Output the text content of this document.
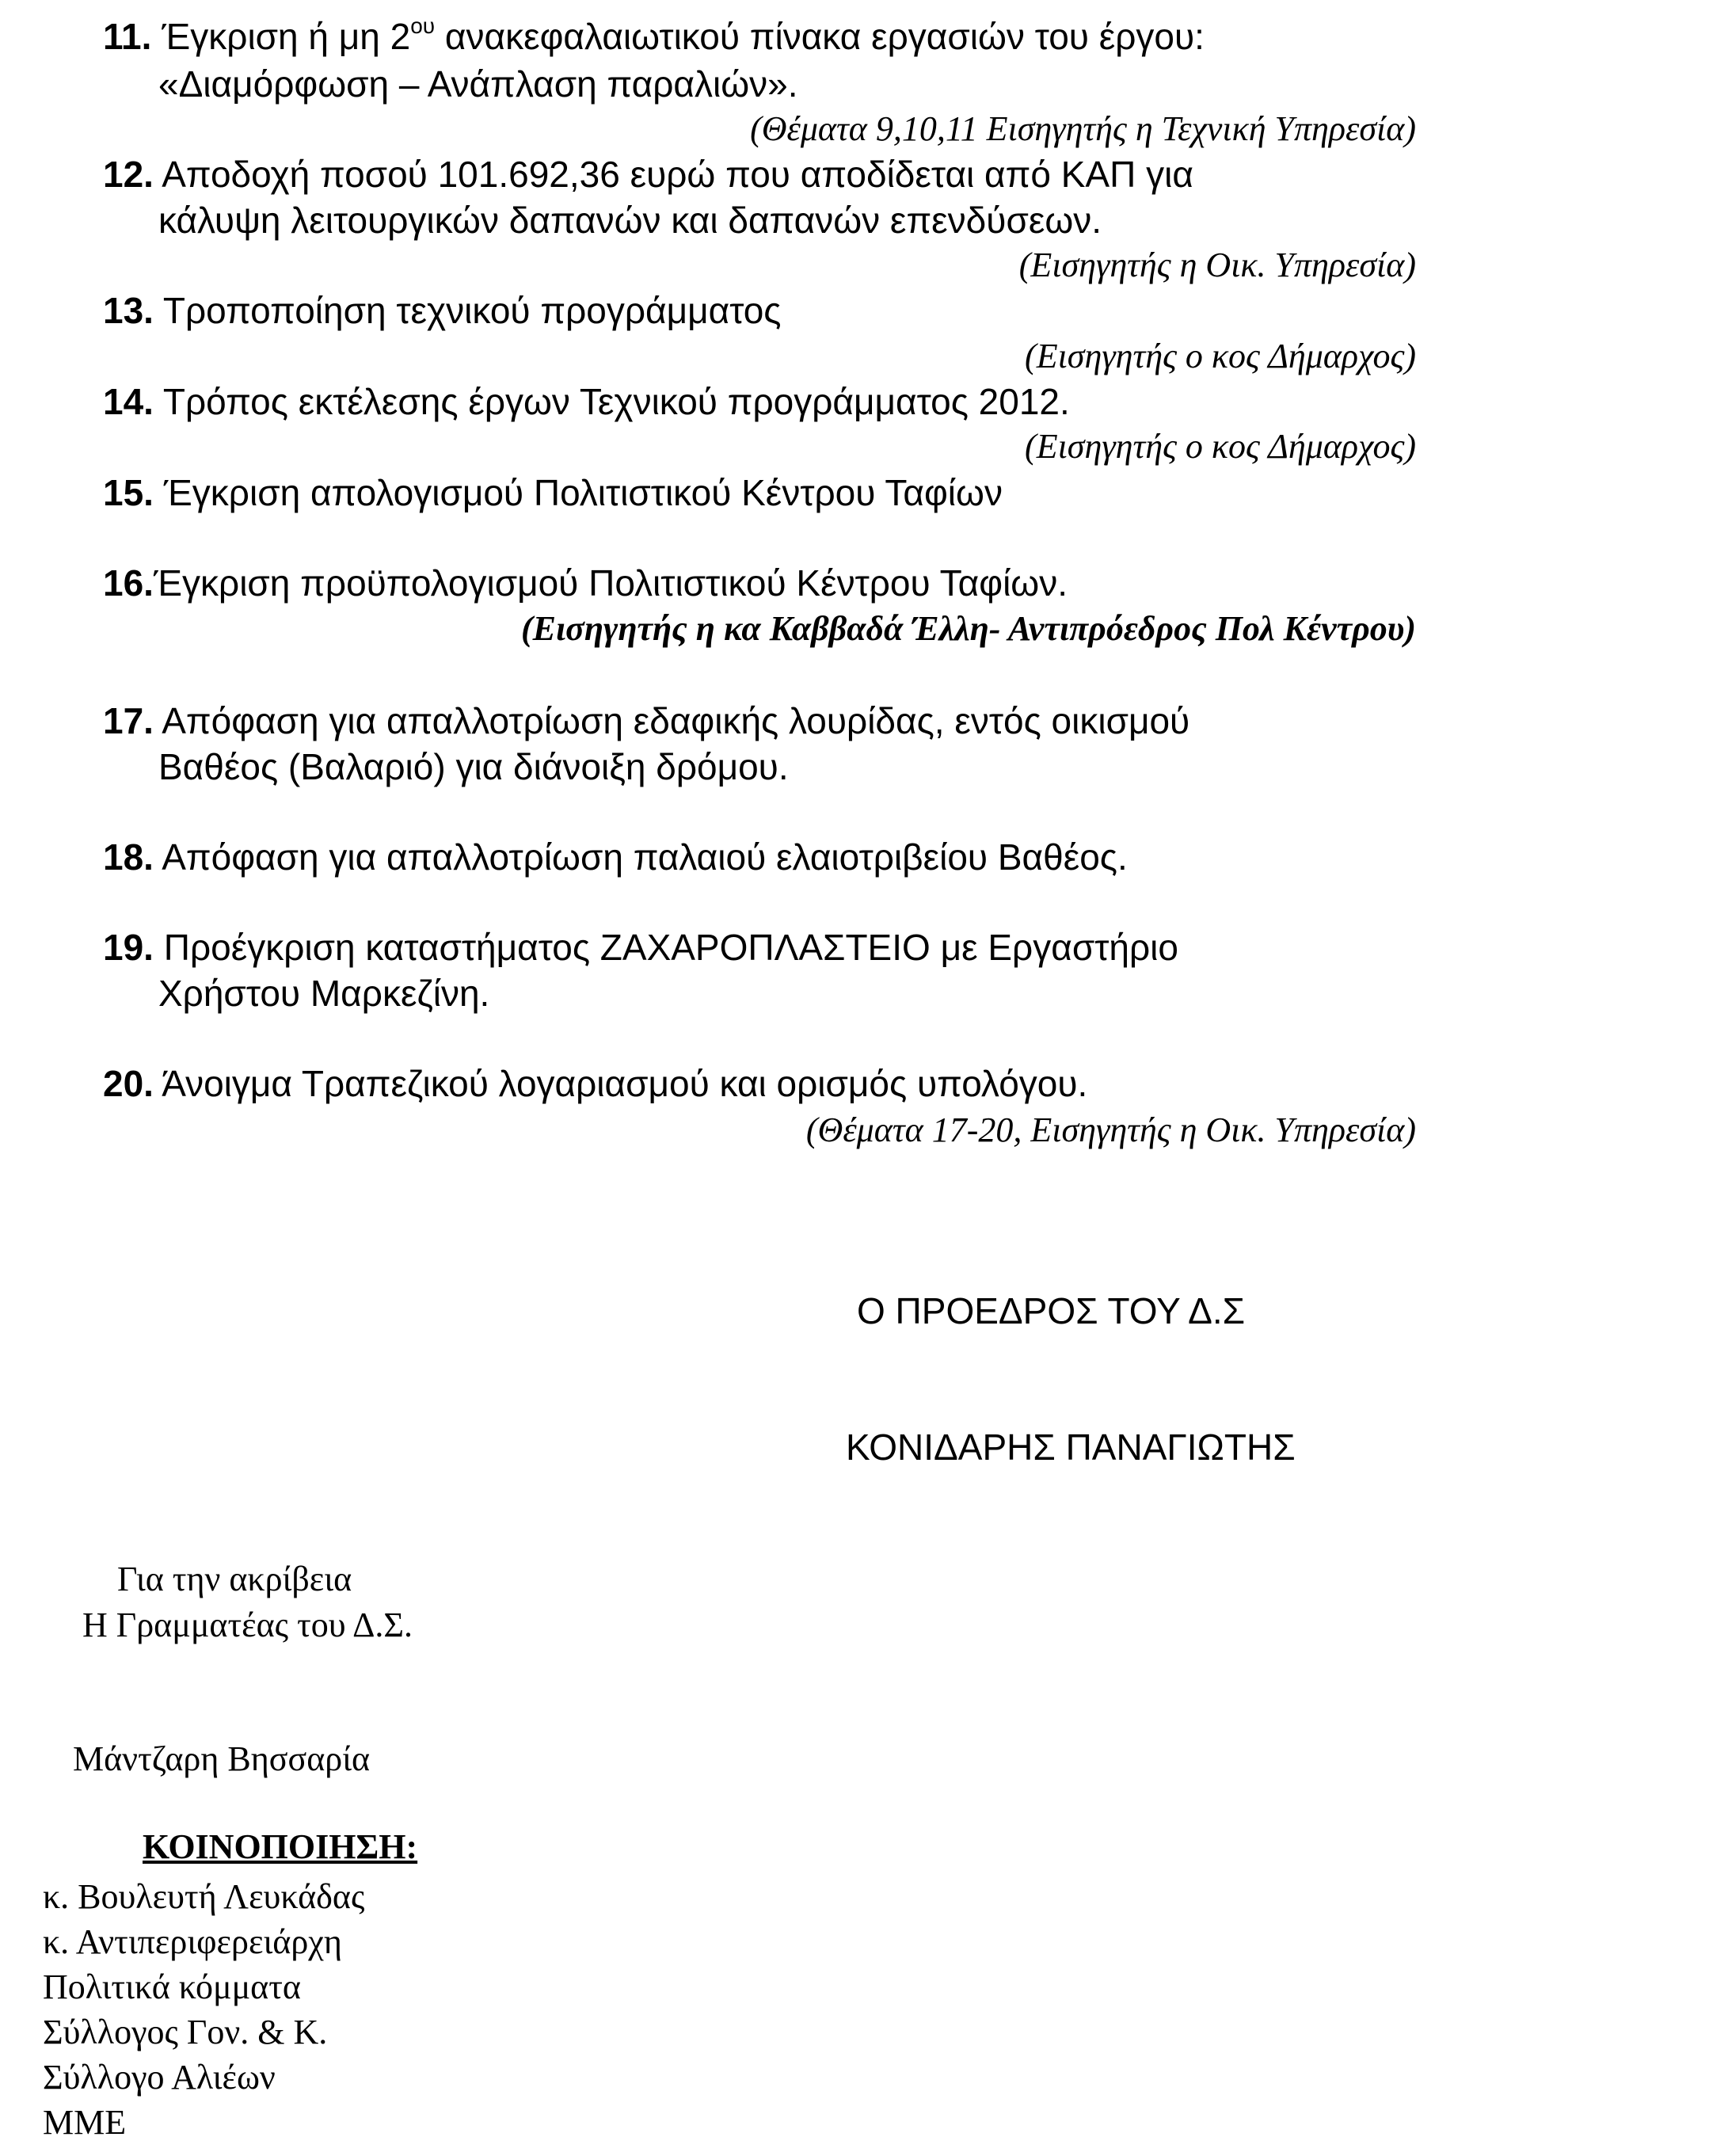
11. Έγκριση ή μη $2^{o\upsilon}$ ανακεφαλαιωτικού πίνακα εργασιών του έργου:
«Διαμόρφωση – Ανάπλαση παραλιών».
(Θέματα 9,10,11 Εισηγητής η Τεχνική Υπηρεσία)
12. Αποδοχή ποσού 101.692,36 ευρώ που αποδίδεται από ΚΑΠ για
κάλυψη λειτουργικών δαπανών και δαπανών επενδύσεων.
(Εισηγητής η Οικ. Υπηρεσία)
13. Τροποποίηση τεχνικού προγράμματος
(Εισηγητής ο κος Δήμαρχος)
14. Τρόπος εκτέλεσης έργων Τεχνικού προγράμματος 2012.
(Εισηγητής ο κος Δήμαρχος)
15. Έγκριση απολογισμού Πολιτιστικού Κέντρου Ταφίων
16.Έγκριση προϋπολογισμού Πολιτιστικού Κέντρου Ταφίων.
(Εισηγητής η κα Καββαδά Έλλη- Αντιπρόεδρος Πολ Κέντρου)
17. Απόφαση για απαλλοτρίωση εδαφικής λουρίδας, εντός οικισμού
Βαθέος (Βαλαριό) για διάνοιξη δρόμου.
18. Απόφαση για απαλλοτρίωση παλαιού ελαιοτριβείου Βαθέος.
19. Προέγκριση καταστήματος ΖΑΧΑΡΟΠΛΑΣΤΕΙΟ με Εργαστήριο
Χρήστου Μαρκεζίνη.
20. Άνοιγμα Τραπεζικού λογαριασμού και ορισμός υπολόγου.
(Θέματα 17-20, Εισηγητής η Οικ. Υπηρεσία)
Ο ΠΡΟΕΔΡΟΣ ΤΟΥ Δ.Σ
ΚΟΝΙΔΑΡΗΣ ΠΑΝΑΓΙΩΤΗΣ
Για την ακρίβεια
Η Γραμματέας του Δ.Σ.
Μάντζαρη Βησσαρία
ΚΟΙΝΟΠΟΙΗΣΗ:
κ. Βουλευτή Λευκάδας
κ. Αντιπεριφερειάρχη
Πολιτικά κόμματα
Σύλλογος Γον. & Κ.
Σύλλογο Αλιέων
ΜΜΕ
